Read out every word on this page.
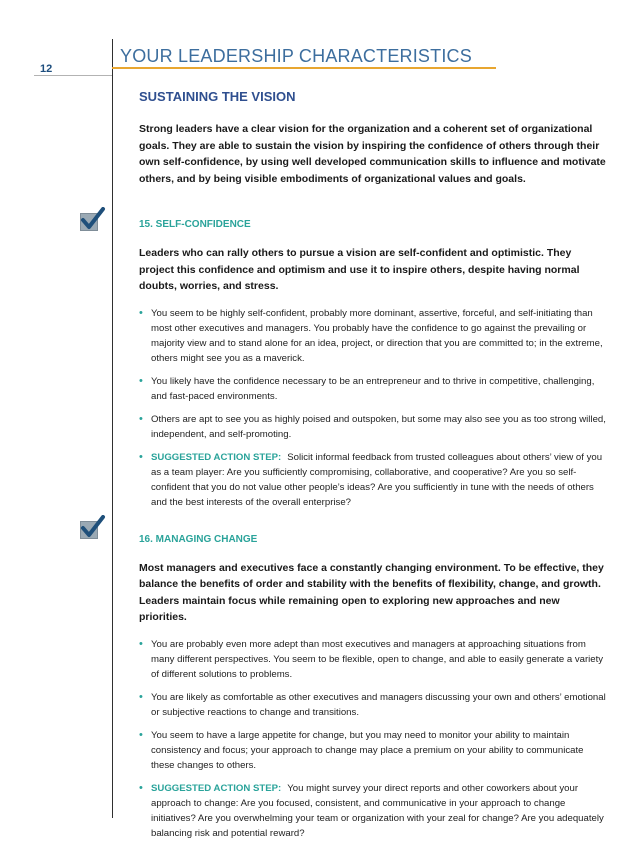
12
YOUR LEADERSHIP CHARACTERISTICS
SUSTAINING THE VISION

Strong leaders have a clear vision for the organization and a coherent set of organizational goals. They are able to sustain the vision by inspiring the confidence of others through their own self-confidence, by using well developed communication skills to influence and motivate others, and by being visible embodiments of organizational values and goals.

15. SELF-CONFIDENCE

Leaders who can rally others to pursue a vision are self-confident and optimistic. They project this confidence and optimism and use it to inspire others, despite having normal doubts, worries, and stress.

• You seem to be highly self-confident, probably more dominant, assertive, forceful, and self-initiating than most other executives and managers. You probably have the confidence to go against the prevailing or majority view and to stand alone for an idea, project, or direction that you are committed to; in the extreme, others might see you as a maverick.
• You likely have the confidence necessary to be an entrepreneur and to thrive in competitive, challenging, and fast-paced environments.
• Others are apt to see you as highly poised and outspoken, but some may also see you as too strong willed, independent, and self-promoting.
• SUGGESTED ACTION STEP: Solicit informal feedback from trusted colleagues about others’ view of you as a team player: Are you sufficiently compromising, collaborative, and cooperative? Are you so self-confident that you do not value other people’s ideas? Are you sufficiently in tune with the needs of others and the best interests of the overall enterprise?
16. MANAGING CHANGE

Most managers and executives face a constantly changing environment. To be effective, they balance the benefits of order and stability with the benefits of flexibility, change, and growth. Leaders maintain focus while remaining open to exploring new approaches and new priorities.

• You are probably even more adept than most executives and managers at approaching situations from many different perspectives. You seem to be flexible, open to change, and able to easily generate a variety of different solutions to problems.
• You are likely as comfortable as other executives and managers discussing your own and others’ emotional or subjective reactions to change and transitions.
• You seem to have a large appetite for change, but you may need to monitor your ability to maintain consistency and focus; your approach to change may place a premium on your ability to communicate these changes to others.
• SUGGESTED ACTION STEP: You might survey your direct reports and other coworkers about your approach to change: Are you focused, consistent, and communicative in your approach to change initiatives? Are you overwhelming your team or organization with your zeal for change? Are you adequately balancing risk and potential reward?
